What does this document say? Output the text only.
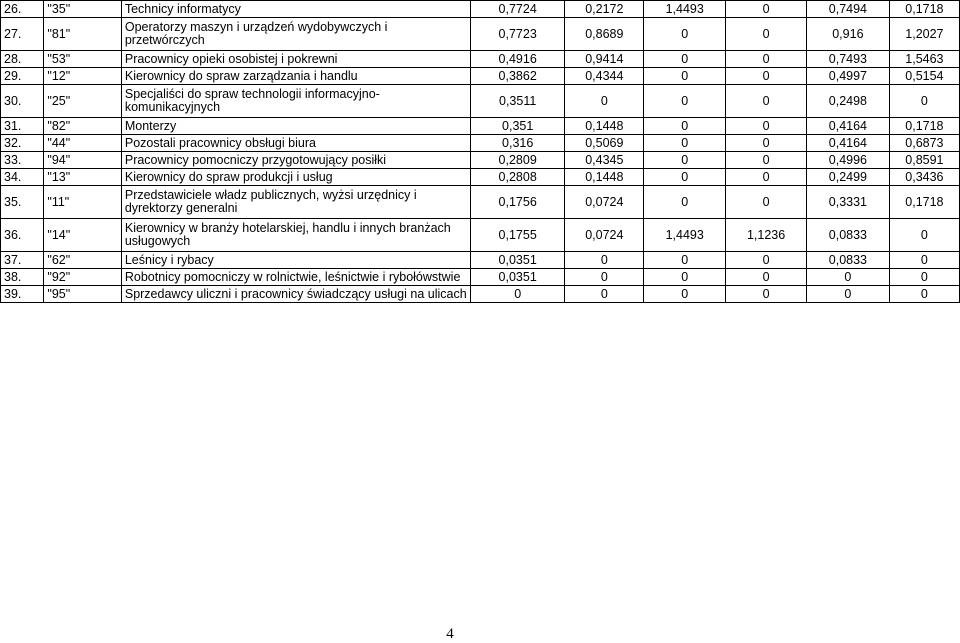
26.	"35"	Technicy informatycy	0,7724	0,2172	1,4493	0	0,7494	0,1718
27.	"81"	Operatorzy maszyn i urządzeń wydobywczych i przetwórczych	0,7723	0,8689	0	0	0,916	1,2027
28.	"53"	Pracownicy opieki osobistej i pokrewni	0,4916	0,9414	0	0	0,7493	1,5463
29.	"12"	Kierownicy do spraw zarządzania i handlu	0,3862	0,4344	0	0	0,4997	0,5154
30.	"25"	Specjaliści do spraw technologii informacyjno-komunikacyjnych	0,3511	0	0	0	0,2498	0
31.	"82"	Monterzy	0,351	0,1448	0	0	0,4164	0,1718
32.	"44"	Pozostali pracownicy obsługi biura	0,316	0,5069	0	0	0,4164	0,6873
33.	"94"	Pracownicy pomocniczy przygotowujący posiłki	0,2809	0,4345	0	0	0,4996	0,8591
34.	"13"	Kierownicy do spraw produkcji i usług	0,2808	0,1448	0	0	0,2499	0,3436
35.	"11"	Przedstawiciele władz publicznych, wyżsi urzędnicy i dyrektorzy generalni	0,1756	0,0724	0	0	0,3331	0,1718
36.	"14"	Kierownicy w branży hotelarskiej, handlu i innych branżach usługowych	0,1755	0,0724	1,4493	1,1236	0,0833	0
37.	"62"	Leśnicy i rybacy	0,0351	0	0	0	0,0833	0
38.	"92"	Robotnicy pomocniczy w rolnictwie, leśnictwie i rybołówstwie	0,0351	0	0	0	0	0
39.	"95"	Sprzedawcy uliczni i pracownicy świadczący usługi na ulicach	0	0	0	0	0	0
4
